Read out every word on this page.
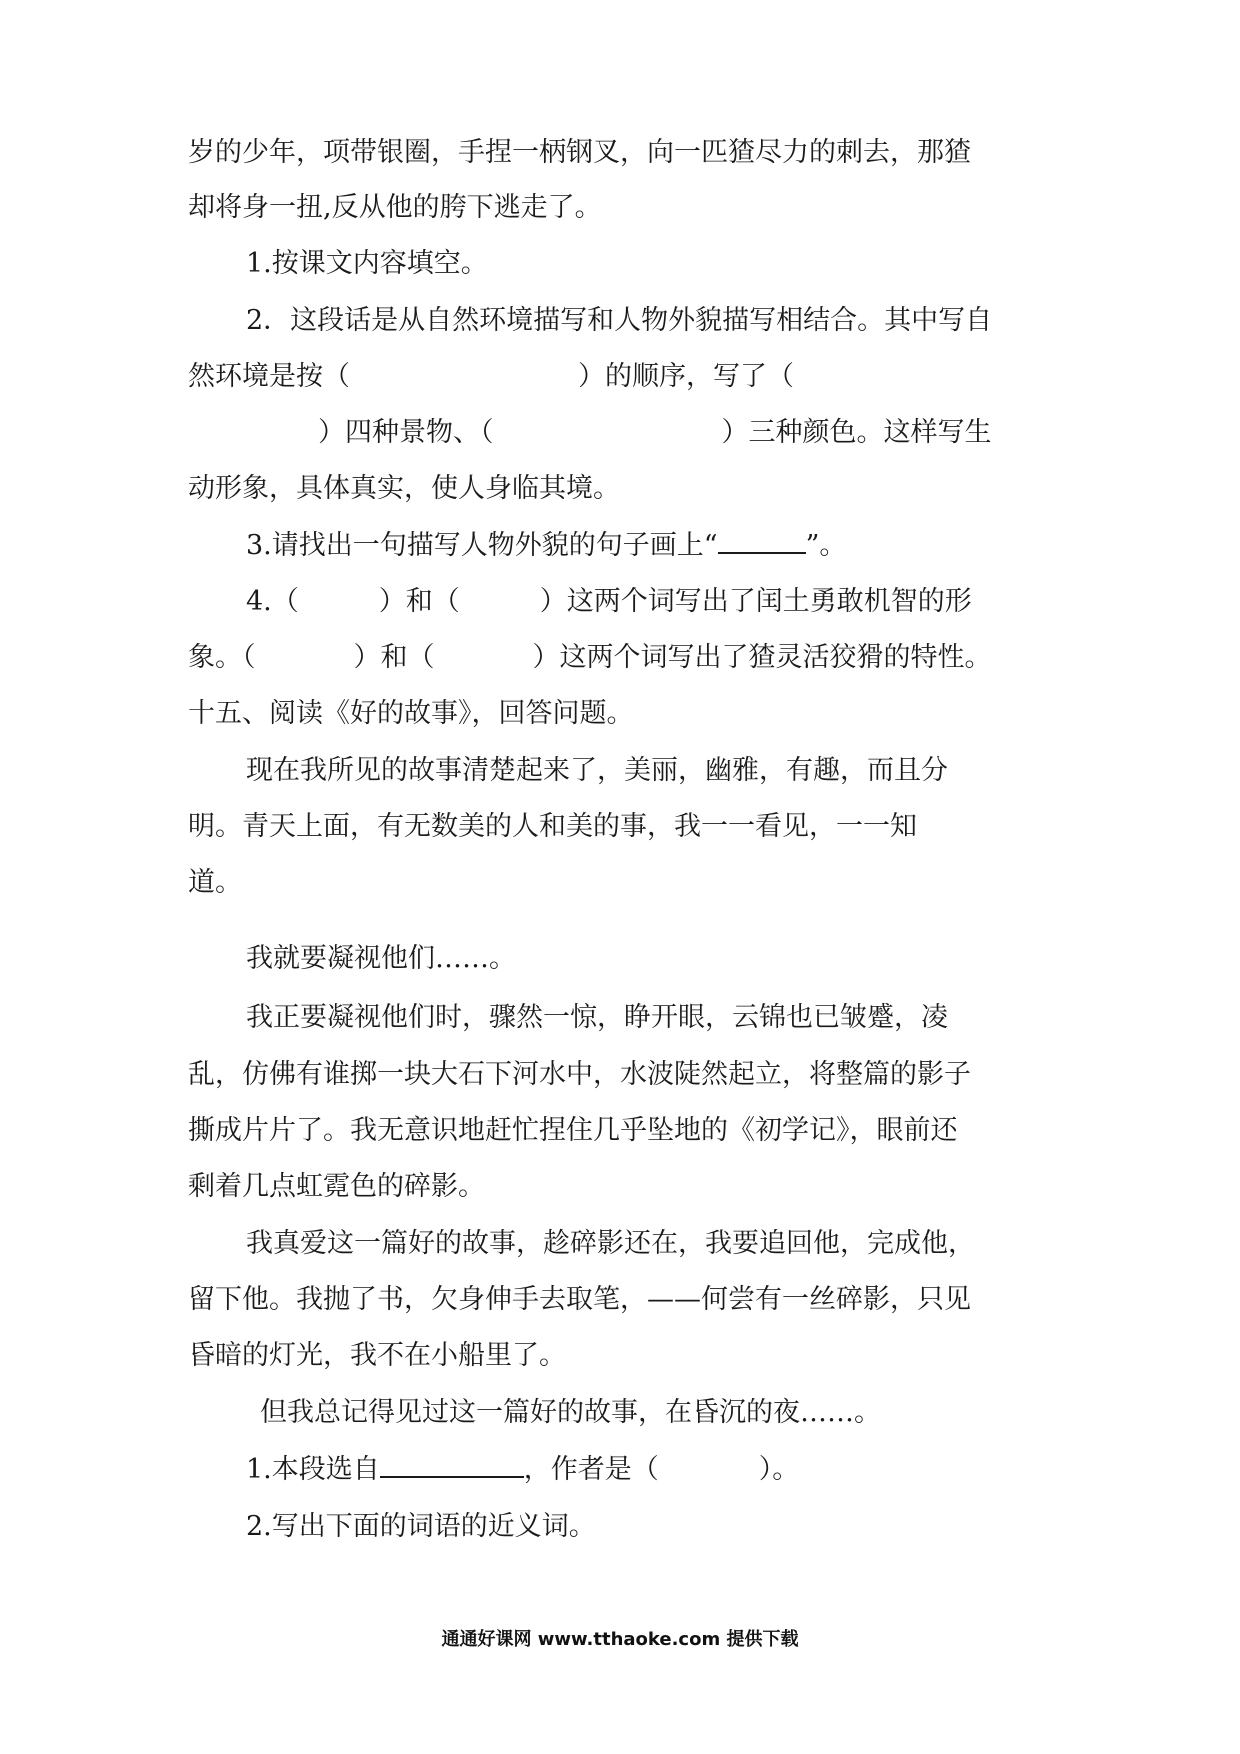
岁的少年，项带银圈，手捏一柄钢叉，向一匹猹尽力的刺去，那猹
却将身一扭,反从他的胯下逃走了。
1.按课文内容填空。
2．这段话是从自然环境描写和人物外貌描写相结合。其中写自
然环境是按（	）的顺序，写了（
）四种景物、（	）三种颜色。这样写生
动形象，具体真实，使人身临其境。
3.请找出一句描写人物外貌的句子画上“	”。
4.（	）和（	）这两个词写出了闰土勇敢机智的形
象。（	）和（	）这两个词写出了猹灵活狡猾的特性。
十五、阅读《好的故事》，回答问题。
现在我所见的故事清楚起来了，美丽，幽雅，有趣，而且分
明。青天上面，有无数美的人和美的事，我一一看见，一一知
道。
我就要凝视他们……。
我正要凝视他们时，骤然一惊，睁开眼，云锦也已皱蹙，凌
乱，仿佛有谁掷一块大石下河水中，水波陡然起立，将整篇的影子
撕成片片了。我无意识地赶忙捏住几乎坠地的《初学记》，眼前还
剩着几点虹霓色的碎影。
我真爱这一篇好的故事，趁碎影还在，我要追回他，完成他，
留下他。我抛了书，欠身伸手去取笔，——何尝有一丝碎影，只见
昏暗的灯光，我不在小船里了。
但我总记得见过这一篇好的故事，在昏沉的夜……。
1.本段选自	，作者是（	）。
2.写出下面的词语的近义词。
通通好课网 www.tthaoke.com 提供下载
